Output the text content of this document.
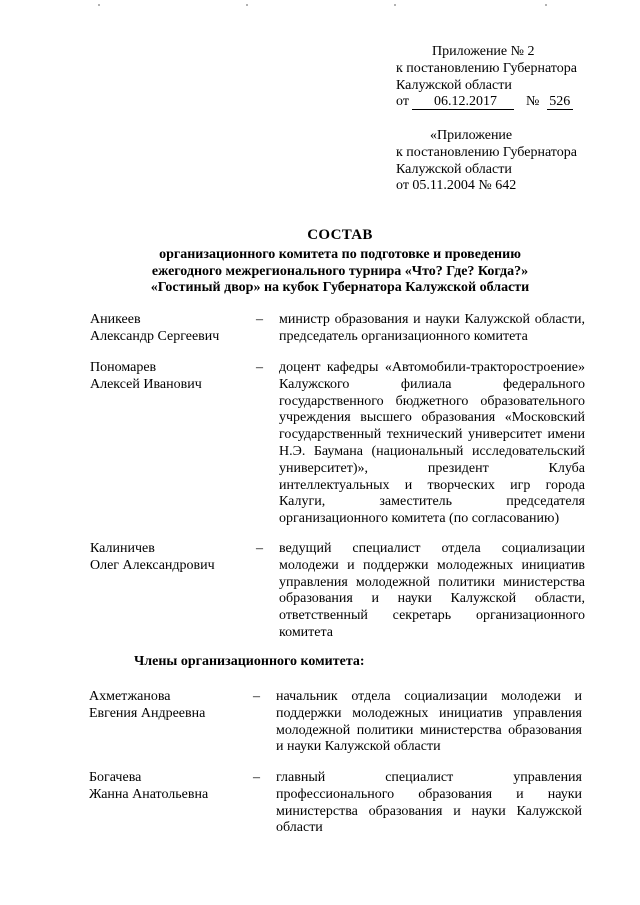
Приложение № 2
к постановлению Губернатора
Калужской области
от 06.12.2017 № 526
«Приложение
к постановлению Губернатора
Калужской области
от 05.11.2004 № 642
СОСТАВ
организационного комитета по подготовке и проведению
ежегодного межрегионального турнира «Что? Где? Когда?»
«Гостиный двор» на кубок Губернатора Калужской области
Аникеев
Александр Сергеевич
– министр образования и науки Калужской области, председатель организационного комитета
Пономарев
Алексей Иванович
– доцент кафедры «Автомобили-тракторостроение» Калужского филиала федерального государственного бюджетного образовательного учреждения высшего образования «Московский государственный технический университет имени Н.Э. Баумана (национальный исследовательский университет)», президент Клуба интеллектуальных и творческих игр города Калуги, заместитель председателя организационного комитета (по согласованию)
Калиничев
Олег Александрович
– ведущий специалист отдела социализации молодежи и поддержки молодежных инициатив управления молодежной политики министерства образования и науки Калужской области, ответственный секретарь организационного комитета
Члены организационного комитета:
Ахметжанова
Евгения Андреевна
– начальник отдела социализации молодежи и поддержки молодежных инициатив управления молодежной политики министерства образования и науки Калужской области
Богачева
Жанна Анатольевна
– главный специалист управления профессионального образования и науки министерства образования и науки Калужской области
